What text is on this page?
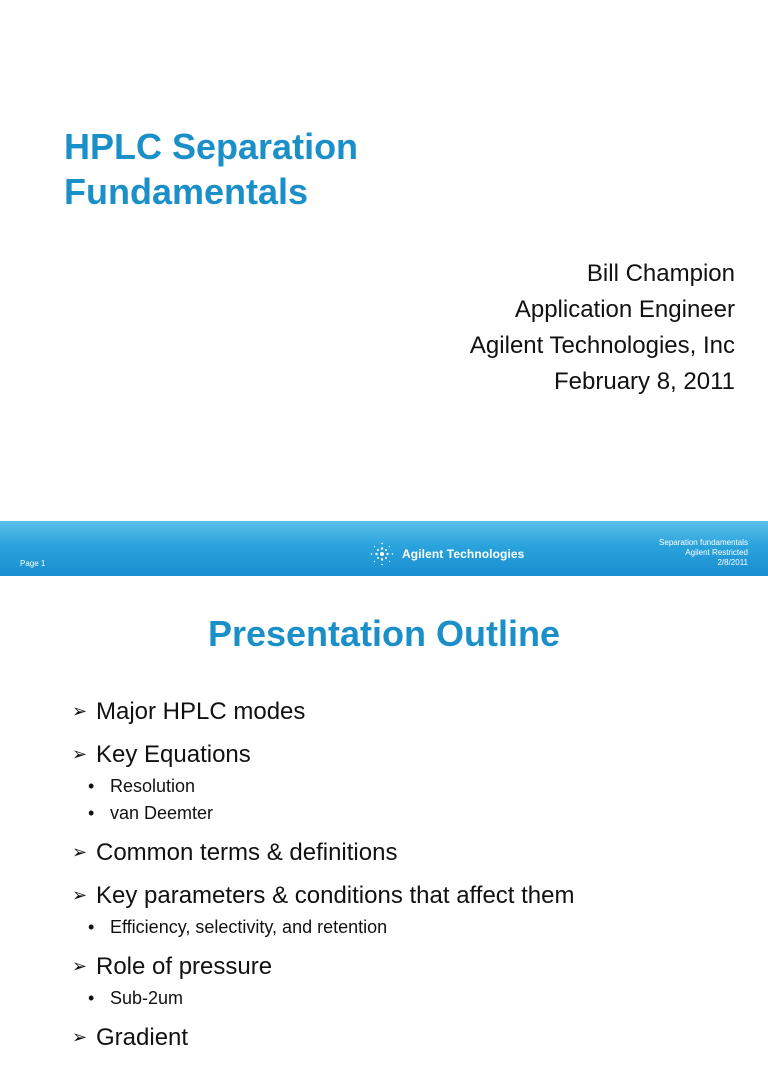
HPLC Separation
Fundamentals
Bill Champion
Application Engineer
Agilent Technologies, Inc
February 8, 2011
Page 1
Agilent Technologies
Separation fundamentals
Agilent Restricted
2/8/2011
Presentation Outline
➢ Major HPLC modes
➢ Key Equations
• Resolution
• van Deemter
➢ Common terms & definitions
➢ Key parameters & conditions that affect them
• Efficiency, selectivity, and retention
➢ Role of pressure
• Sub-2um
➢ Gradient
